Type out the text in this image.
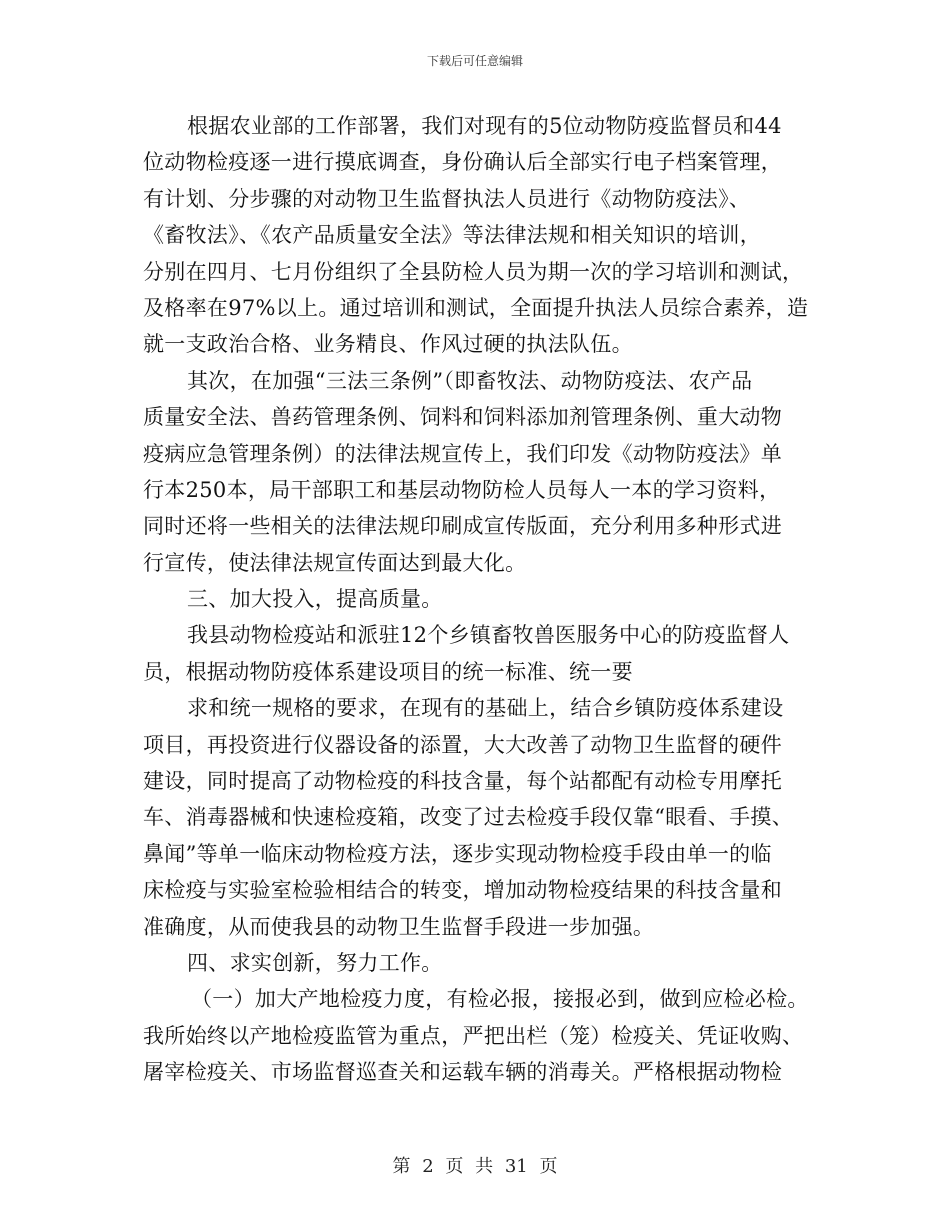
下载后可任意编辑
根据农业部的工作部署，我们对现有的5位动物防疫监督员和44
位动物检疫逐一进行摸底调查，身份确认后全部实行电子档案管理，
有计划、分步骤的对动物卫生监督执法人员进行《动物防疫法》、
《畜牧法》、《农产品质量安全法》等法律法规和相关知识的培训，
分别在四月、七月份组织了全县防检人员为期一次的学习培训和测试，
及格率在97%以上。通过培训和测试，全面提升执法人员综合素养，造
就一支政治合格、业务精良、作风过硬的执法队伍。
其次，在加强“三法三条例”（即畜牧法、动物防疫法、农产品
质量安全法、兽药管理条例、饲料和饲料添加剂管理条例、重大动物
疫病应急管理条例）的法律法规宣传上，我们印发《动物防疫法》单
行本250本，局干部职工和基层动物防检人员每人一本的学习资料，
同时还将一些相关的法律法规印刷成宣传版面，充分利用多种形式进
行宣传，使法律法规宣传面达到最大化。
三、加大投入，提高质量。
我县动物检疫站和派驻12个乡镇畜牧兽医服务中心的防疫监督人
员，根据动物防疫体系建设项目的统一标准、统一要
求和统一规格的要求，在现有的基础上，结合乡镇防疫体系建设
项目，再投资进行仪器设备的添置，大大改善了动物卫生监督的硬件
建设，同时提高了动物检疫的科技含量，每个站都配有动检专用摩托
车、消毒器械和快速检疫箱，改变了过去检疫手段仅靠“眼看、手摸、
鼻闻”等单一临床动物检疫方法，逐步实现动物检疫手段由单一的临
床检疫与实验室检验相结合的转变，增加动物检疫结果的科技含量和
准确度，从而使我县的动物卫生监督手段进一步加强。
四、求实创新，努力工作。
（一）加大产地检疫力度，有检必报，接报必到，做到应检必检。
我所始终以产地检疫监管为重点，严把出栏（笼）检疫关、凭证收购、
屠宰检疫关、市场监督巡查关和运载车辆的消毒关。严格根据动物检
第 2 页 共 31 页
